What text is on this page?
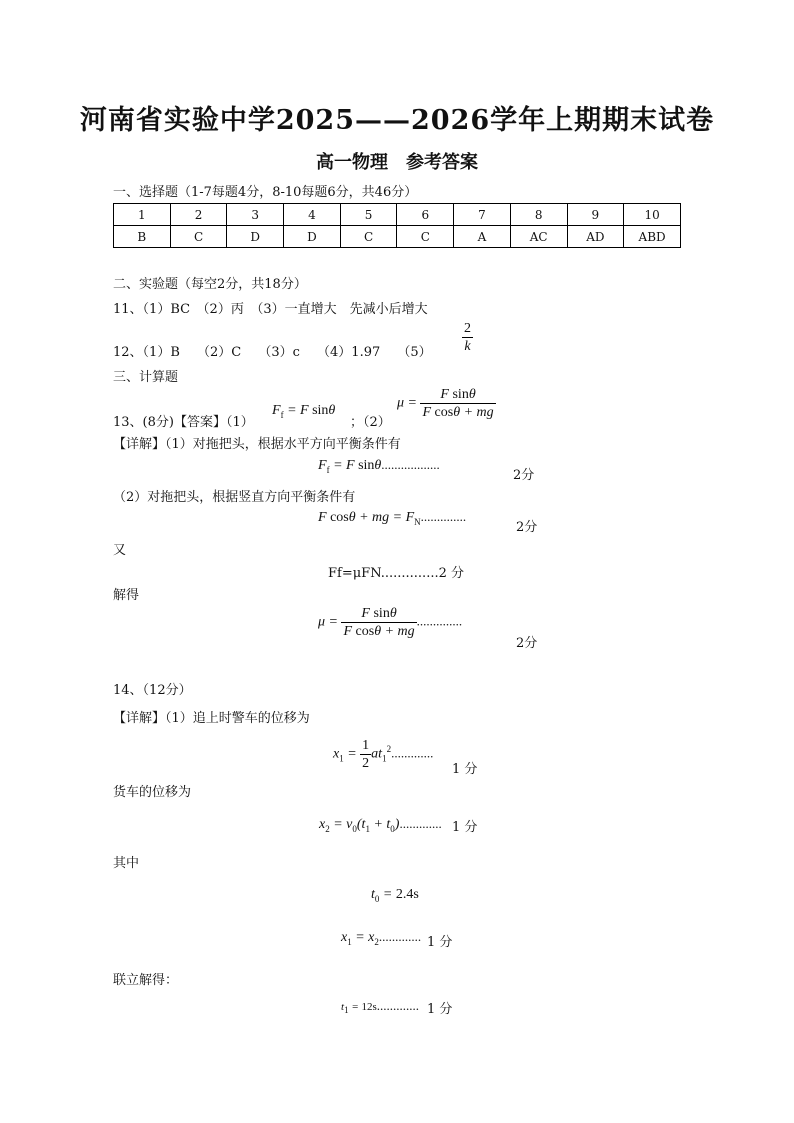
河南省实验中学2025——2026学年上期期末试卷
高一物理　参考答案
一、选择题（1-7每题4分，8-10每题6分，共46分）
1	2	3	4	5	6	7	8	9	10
B	C	D	D	C	C	A	AC	AD	ABD
二、实验题（每空2分，共18分）
11、（1）BC　（2）丙　（3）一直增大　先减小后增大
12、（1）B　 （2）C　 （3）c　 （4）1.97　 $(5) \frac{2}{k}$
三、计算题
13、(8分)【答案】（1）
$F_f = F$ sinθ
；（2）
$\mu = \frac{\text{F sinθ}}{\text{F cosθ + mg}}$
【详解】（1）对拖把头，根据水平方向平衡条件有
$F_f = F$ sinθ..................
2分
（2）对拖把头，根据竖直方向平衡条件有
F cosθ + mg = $F_N$..............
2分
又
Ff=μFN..............2 分
解得
$\mu = \frac{\text{F sinθ}}{\text{F cosθ + mg}}$ ..............
2分
14、（12分）
【详解】（1）追上时警车的位移为
$x_1 = \frac{1}{2} at_1^2$.............
1 分
货车的位移为
$x_2 = v_0(t_1 + t_0)$............. 1 分
其中
$t_0 = 2.4s$
$x_1 = x_2$............. 1 分
联立解得：
$t_1 = 12s$............. 1 分
